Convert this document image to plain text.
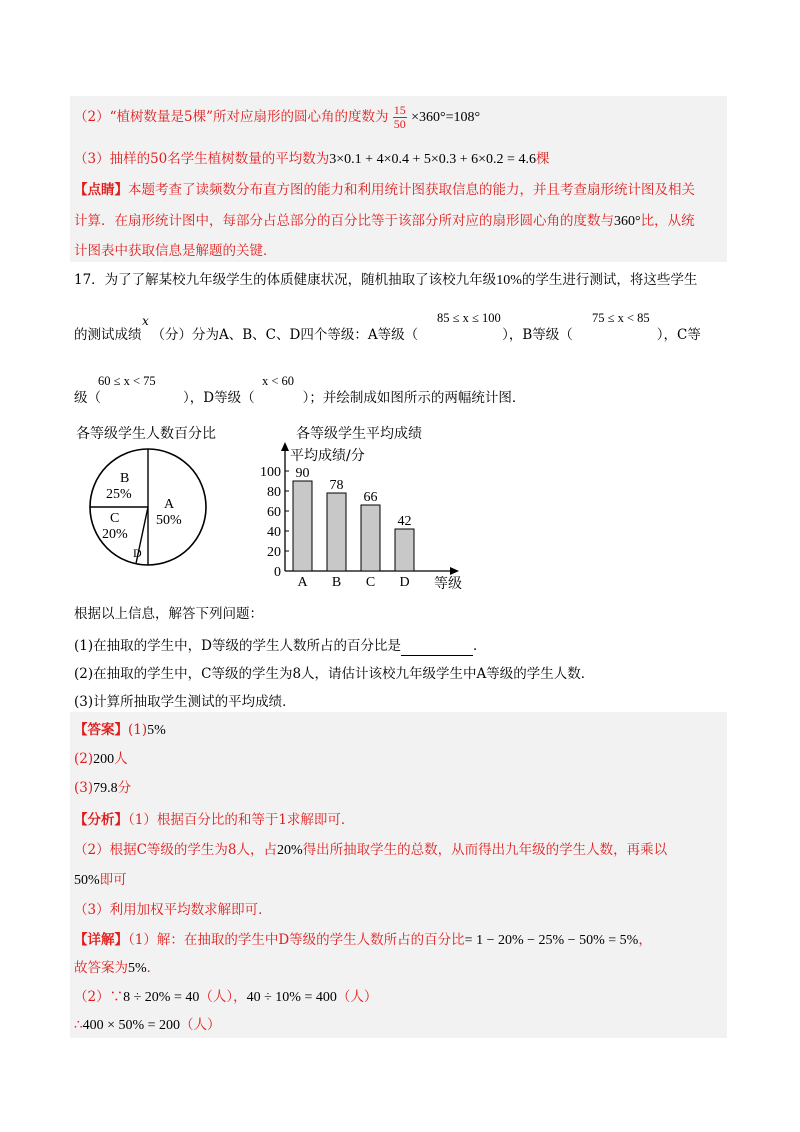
（2）“植树数量是5棵”所对应扇形的圆心角的度数为 $\frac{15}{50} \times 360^\circ=108^\circ$
（3）抽样的50名学生植树数量的平均数为3×0.1 + 4×0.4 + 5×0.3 + 6×0.2 = 4.6棵
【点睛】本题考查了读频数分布直方图的能力和利用统计图获取信息的能力，并且考查扇形统计图及相关
计算．在扇形统计图中，每部分占总部分的百分比等于该部分所对应的扇形圆心角的度数与360°比，从统
计图表中获取信息是解题的关键．
17．为了了解某校九年级学生的体质健康状况，随机抽取了该校九年级10%的学生进行测试，将这些学生
x
的测试成绩 （分）分为A、B、C、D四个等级：A等级（	），B等级（	），C等
85 ≤ x ≤ 100	75 ≤ x < 85
级（	），D等级（	）；并绘制成如图所示的两幅统计图．
60 ≤ x < 75	x < 60
各等级学生人数百分比
B
25%
C
20%
A
50%
D
各等级学生平均成绩
平均成绩/分
等级
0
20
40
60
80
100 90
A
78
B
66
C
42
D
根据以上信息，解答下列问题：
(1)在抽取的学生中，D等级的学生人数所占的百分比是	．
(2)在抽取的学生中，C等级的学生为8人，请估计该校九年级学生中A等级的学生人数．
(3)计算所抽取学生测试的平均成绩．
【答案】(1)5%
(2)200人
(3)79.8分
【分析】（1）根据百分比的和等于1求解即可．
（2）根据C等级的学生为8人，占20%得出所抽取学生的总数，从而得出九年级的学生人数，再乘以
50%即可
（3）利用加权平均数求解即可．
【详解】（1）解：在抽取的学生中D等级的学生人数所占的百分比= 1 − 20% − 25% − 50% = 5%，
故答案为5%．
（2）∵8 ÷ 20% = 40（人），40 ÷ 10% = 400（人）
∴400 × 50% = 200（人）
